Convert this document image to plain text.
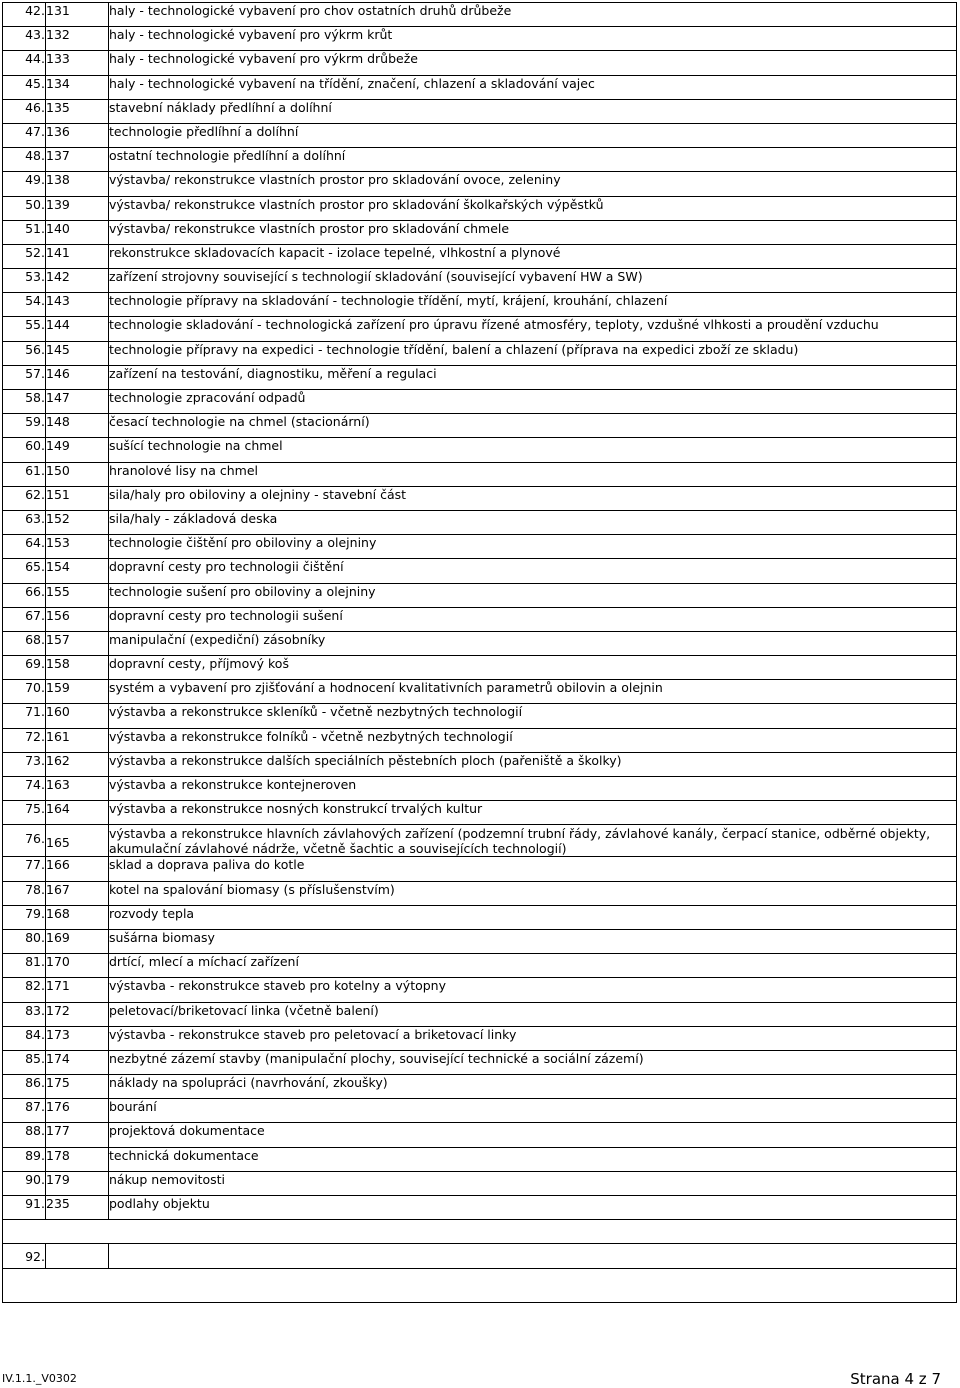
42.	131	haly - technologické vybavení pro chov ostatních druhů drůbeže
43.	132	haly - technologické vybavení pro výkrm krůt
44.	133	haly - technologické vybavení pro výkrm drůbeže
45.	134	haly - technologické vybavení na třídění, značení, chlazení a skladování vajec
46.	135	stavební náklady předlíhní a dolíhní
47.	136	technologie předlíhní a dolíhní
48.	137	ostatní technologie předlíhní a dolíhní
49.	138	výstavba/ rekonstrukce vlastních prostor pro skladování ovoce, zeleniny
50.	139	výstavba/ rekonstrukce vlastních prostor pro skladování školkařských výpěstků
51.	140	výstavba/ rekonstrukce vlastních prostor pro skladování chmele
52.	141	rekonstrukce skladovacích kapacit - izolace tepelné, vlhkostní a plynové
53.	142	zařízení strojovny související s technologií skladování (související vybavení HW a SW)
54.	143	technologie přípravy na skladování - technologie třídění, mytí, krájení, krouhání, chlazení
55.	144	technologie skladování - technologická zařízení pro úpravu řízené atmosféry, teploty, vzdušné vlhkosti a proudění vzduchu
56.	145	technologie přípravy na expedici - technologie třídění, balení a chlazení (příprava na expedici zboží ze skladu)
57.	146	zařízení na testování, diagnostiku, měření a regulaci
58.	147	technologie zpracování odpadů
59.	148	česací technologie na chmel (stacionární)
60.	149	sušící technologie na chmel
61.	150	hranolové lisy na chmel
62.	151	sila/haly pro obiloviny a olejniny - stavební část
63.	152	sila/haly - základová deska
64.	153	technologie čištění pro obiloviny a olejniny
65.	154	dopravní cesty pro technologii čištění
66.	155	technologie sušení pro obiloviny a olejniny
67.	156	dopravní cesty pro technologii sušení
68.	157	manipulační (expediční) zásobníky
69.	158	dopravní cesty, příjmový koš
70.	159	systém a vybavení pro zjišťování a hodnocení kvalitativních parametrů obilovin a olejnin
71.	160	výstavba a rekonstrukce skleníků - včetně nezbytných technologií
72.	161	výstavba a rekonstrukce folníků - včetně nezbytných technologií
73.	162	výstavba a rekonstrukce dalších speciálních pěstebních ploch (pařeniště a školky)
74.	163	výstavba a rekonstrukce kontejneroven
75.	164	výstavba a rekonstrukce nosných konstrukcí trvalých kultur
76.	165	výstavba a rekonstrukce hlavních závlahových zařízení (podzemní trubní řády, závlahové kanály, čerpací stanice, odběrné objekty, akumulační závlahové nádrže, včetně šachtic a souvisejících technologií)
77.	166	sklad a doprava paliva do kotle
78.	167	kotel na spalování biomasy (s příslušenstvím)
79.	168	rozvody tepla
80.	169	sušárna biomasy
81.	170	drtící, mlecí a míchací zařízení
82.	171	výstavba - rekonstrukce staveb pro kotelny a výtopny
83.	172	peletovací/briketovací linka (včetně balení)
84.	173	výstavba - rekonstrukce staveb pro peletovací a briketovací linky
85.	174	nezbytné zázemí stavby (manipulační plochy, související technické a sociální zázemí)
86.	175	náklady na spolupráci (navrhování, zkoušky)
87.	176	bourání
88.	177	projektová dokumentace
89.	178	technická dokumentace
90.	179	nákup nemovitosti
91.	235	podlahy objektu

92.		

IV.1.1._V0302	Strana 4 z 7
